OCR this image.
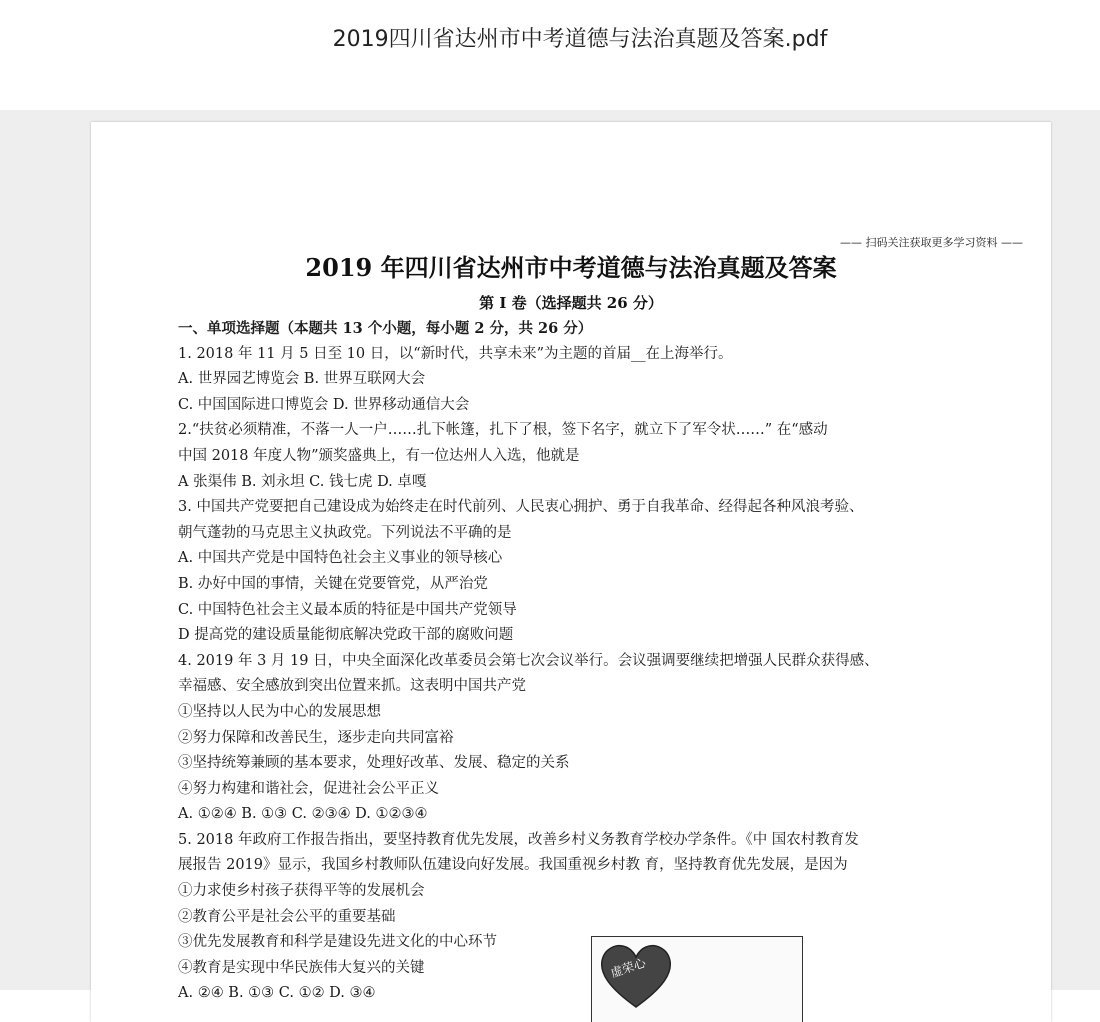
2019四川省达州市中考道德与法治真题及答案.pdf
—— 扫码关注获取更多学习资料 ——
2019 年四川省达州市中考道德与法治真题及答案
第 I 卷（选择题共 26 分）
一、单项选择题（本题共 13 个小题，每小题 2 分，共 26 分）
1. 2018 年 11 月 5 日至 10 日，以“新时代，共享未来”为主题的首届__在上海举行。
A. 世界园艺博览会 B. 世界互联网大会
C. 中国国际进口博览会 D. 世界移动通信大会
2.“扶贫必须精准，不落一人一户……扎下帐篷，扎下了根，签下名字，就立下了军令状……” 在“感动
中国 2018 年度人物”颁奖盛典上，有一位达州人入选，他就是
A 张渠伟 B. 刘永坦 C. 钱七虎 D. 卓嘎
3. 中国共产党要把自己建设成为始终走在时代前列、人民衷心拥护、勇于自我革命、经得起各种风浪考验、
朝气蓬勃的马克思主义执政党。下列说法不平确的是
A. 中国共产党是中国特色社会主义事业的领导核心
B. 办好中国的事情，关键在党要管党，从严治党
C. 中国特色社会主义最本质的特征是中国共产党领导
D 提高党的建设质量能彻底解决党政干部的腐败问题
4. 2019 年 3 月 19 日，中央全面深化改革委员会第七次会议举行。会议强调要继续把增强人民群众获得感、
幸福感、安全感放到突出位置来抓。这表明中国共产党
①坚持以人民为中心的发展思想
②努力保障和改善民生，逐步走向共同富裕
③坚持统筹兼顾的基本要求，处理好改革、发展、稳定的关系
④努力构建和谐社会，促进社会公平正义
A. ①②④ B. ①③ C. ②③④ D. ①②③④
5. 2018 年政府工作报告指出，要坚持教育优先发展，改善乡村义务教育学校办学条件。《中 国农村教育发
展报告 2019》显示，我国乡村教师队伍建设向好发展。我国重视乡村教 育，坚持教育优先发展，是因为
①力求使乡村孩子获得平等的发展机会
②教育公平是社会公平的重要基础
③优先发展教育和科学是建设先进文化的中心环节
④教育是实现中华民族伟大复兴的关键
A. ②④ B. ①③ C. ①② D. ③④
虚荣心
